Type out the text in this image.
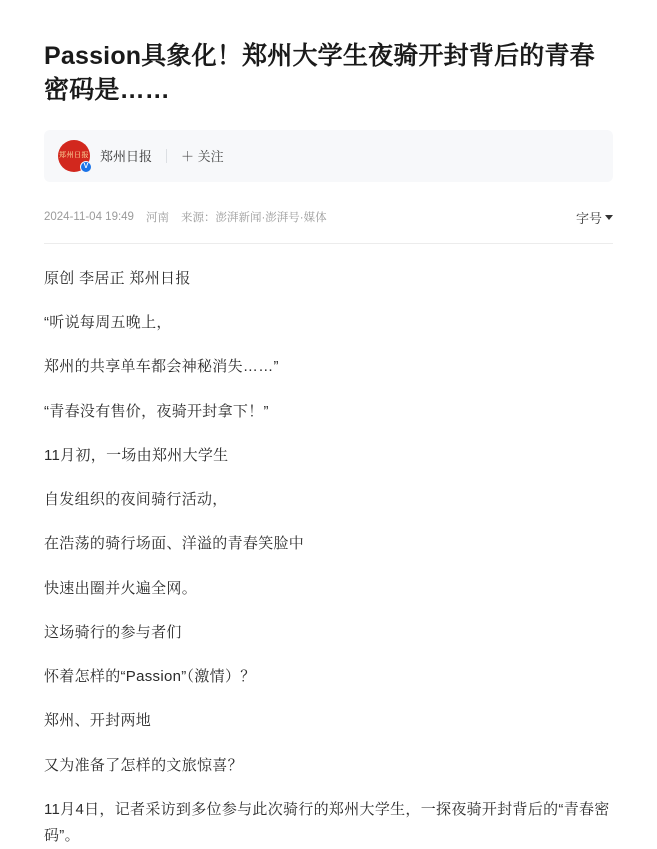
Passion具象化！郑州大学生夜骑开封背后的青春密码是……
郑州日报
V
郑州日报 ＋ 关注
2024-11-04 19:49 河南 来源：澎湃新闻·澎湃号·媒体	字号

原创 李居正 郑州日报

“听说每周五晚上，

郑州的共享单车都会神秘消失……”

“青春没有售价，夜骑开封拿下！”

11月初，一场由郑州大学生

自发组织的夜间骑行活动，

在浩荡的骑行场面、洋溢的青春笑脸中

快速出圈并火遍全网。

这场骑行的参与者们

怀着怎样的“Passion”（激情）？

郑州、开封两地

又为准备了怎样的文旅惊喜？

11月4日，记者采访到多位参与此次骑行的郑州大学生，一探夜骑开封背后的“青春密码”。
